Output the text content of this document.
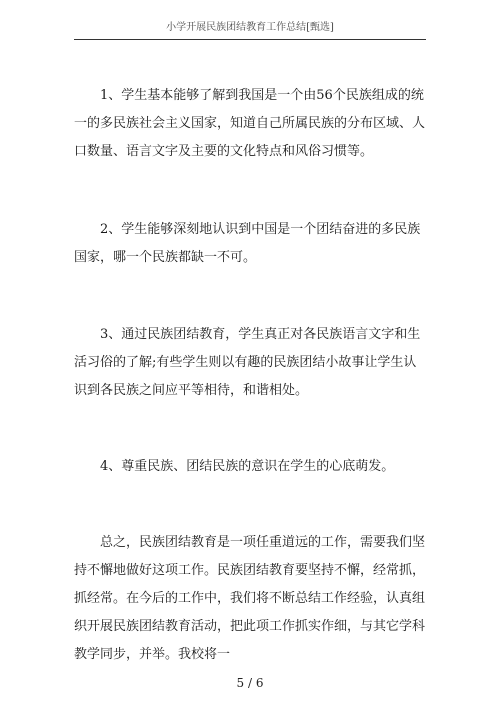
小学开展民族团结教育工作总结[甄选]

1、学生基本能够了解到我国是一个由56个民族组成的统一的多民族社会主义国家，知道自己所属民族的分布区域、人口数量、语言文字及主要的文化特点和风俗习惯等。

2、学生能够深刻地认识到中国是一个团结奋进的多民族国家，哪一个民族都缺一不可。

3、通过民族团结教育，学生真正对各民族语言文字和生活习俗的了解;有些学生则以有趣的民族团结小故事让学生认识到各民族之间应平等相待，和谐相处。

4、尊重民族、团结民族的意识在学生的心底萌发。

总之，民族团结教育是一项任重道远的工作，需要我们坚持不懈地做好这项工作。民族团结教育要坚持不懈，经常抓，抓经常。在今后的工作中，我们将不断总结工作经验，认真组织开展民族团结教育活动，把此项工作抓实作细，与其它学科教学同步，并举。我校将一

5 / 6
